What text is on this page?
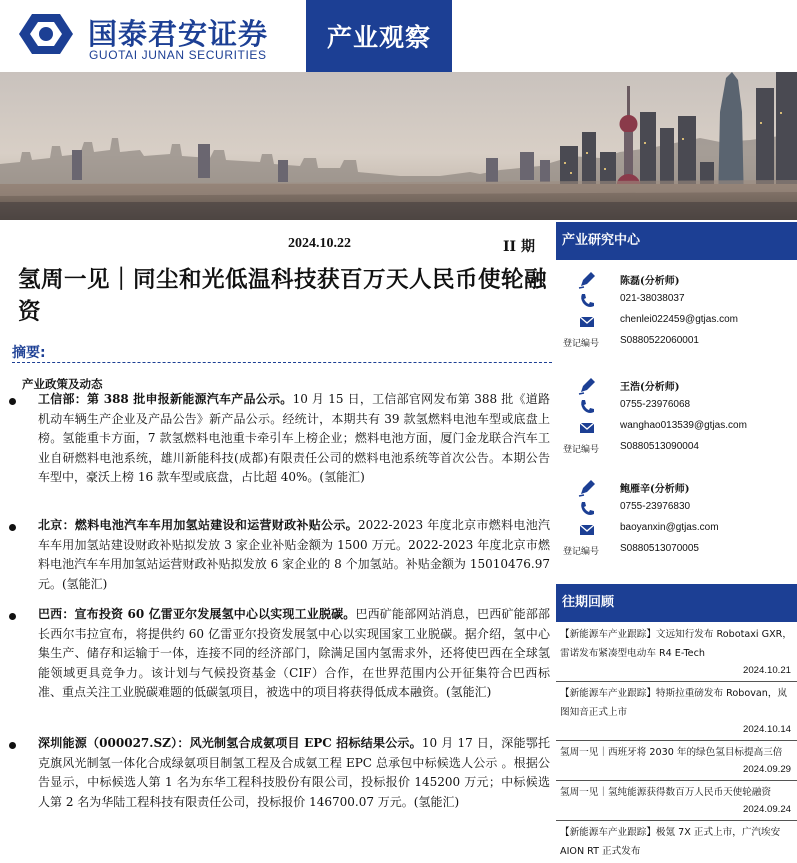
国泰君安证券
GUOTAI JUNAN SECURITIES
产业观察
2024.10.22	II 期
氢周一见｜同尘和光低温科技获百万天人民币使轮融资
摘要:
产业政策及动态
工信部：第 388 批申报新能源汽车产品公示。10 月 15 日，工信部官网发布第 388 批《道路机动车辆生产企业及产品公告》新产品公示。经统计，本期共有 39 款氢燃料电池车型或底盘上榜。氢能重卡方面，7 款氢燃料电池重卡牵引车上榜企业；燃料电池方面，厦门金龙联合汽车工业自研燃料电池系统，雄川新能科技(成都)有限责任公司的燃料电池系统等首次公告。本期公告车型中，豪沃上榜 16 款车型或底盘，占比超 40%。(氢能汇)
北京：燃料电池汽车车用加氢站建设和运营财政补贴公示。2022-2023 年度北京市燃料电池汽车车用加氢站建设财政补贴拟发放 3 家企业补贴金额为 1500 万元。2022-2023 年度北京市燃料电池汽车车用加氢站运营财政补贴拟发放 6 家企业的 8 个加氢站。补贴金额为 15010476.97 元。(氢能汇)
巴西：宣布投资 60 亿雷亚尔发展氢中心以实现工业脱碳。巴西矿能部网站消息，巴西矿能部部长西尔韦拉宣布，将提供约 60 亿雷亚尔投资发展氢中心以实现国家工业脱碳。据介绍，氢中心集生产、储存和运输于一体，连接不同的经济部门，除满足国内氢需求外，还将使巴西在全球氢能领域更具竞争力。该计划与气候投资基金（CIF）合作，在世界范围内公开征集符合巴西标准、重点关注工业脱碳难题的低碳氢项目，被选中的项目将获得低成本融资。(氢能汇)
深圳能源（000027.SZ）：风光制氢合成氨项目 EPC 招标结果公示。10 月 17 日，深能鄂托克旗风光制氢一体化合成绿氨项目制氢工程及合成氨工程 EPC 总承包中标候选人公示 。根据公告显示，中标候选人第 1 名为东华工程科技股份有限公司，投标报价 145200 万元；中标候选人第 2 名为华陆工程科技有限责任公司，投标报价 146700.07 万元。(氢能汇)
产业研究中心
陈磊(分析师)
021-38038037
chenlei022459@gtjas.com
登记编号 S0880522060001
王浩(分析师)
0755-23976068
wanghao013539@gtjas.com
登记编号 S0880513090004
鲍雁辛(分析师)
0755-23976830
baoyanxin@gtjas.com
登记编号 S0880513070005
往期回顾
【新能源车产业跟踪】文远知行发布 Robotaxi GXR，雷诺发布紧凑型电动车 R4 E-Tech
2024.10.21
【新能源车产业跟踪】特斯拉重磅发布 Robovan，岚图知音正式上市
2024.10.14
氢周一见｜西班牙将 2030 年的绿色氢目标提高三倍
2024.09.29
氢周一见｜氢纯能源获得数百万人民币天使轮融资
2024.09.24
【新能源车产业跟踪】极氪 7X 正式上市，广汽埃安 AION RT 正式发布
